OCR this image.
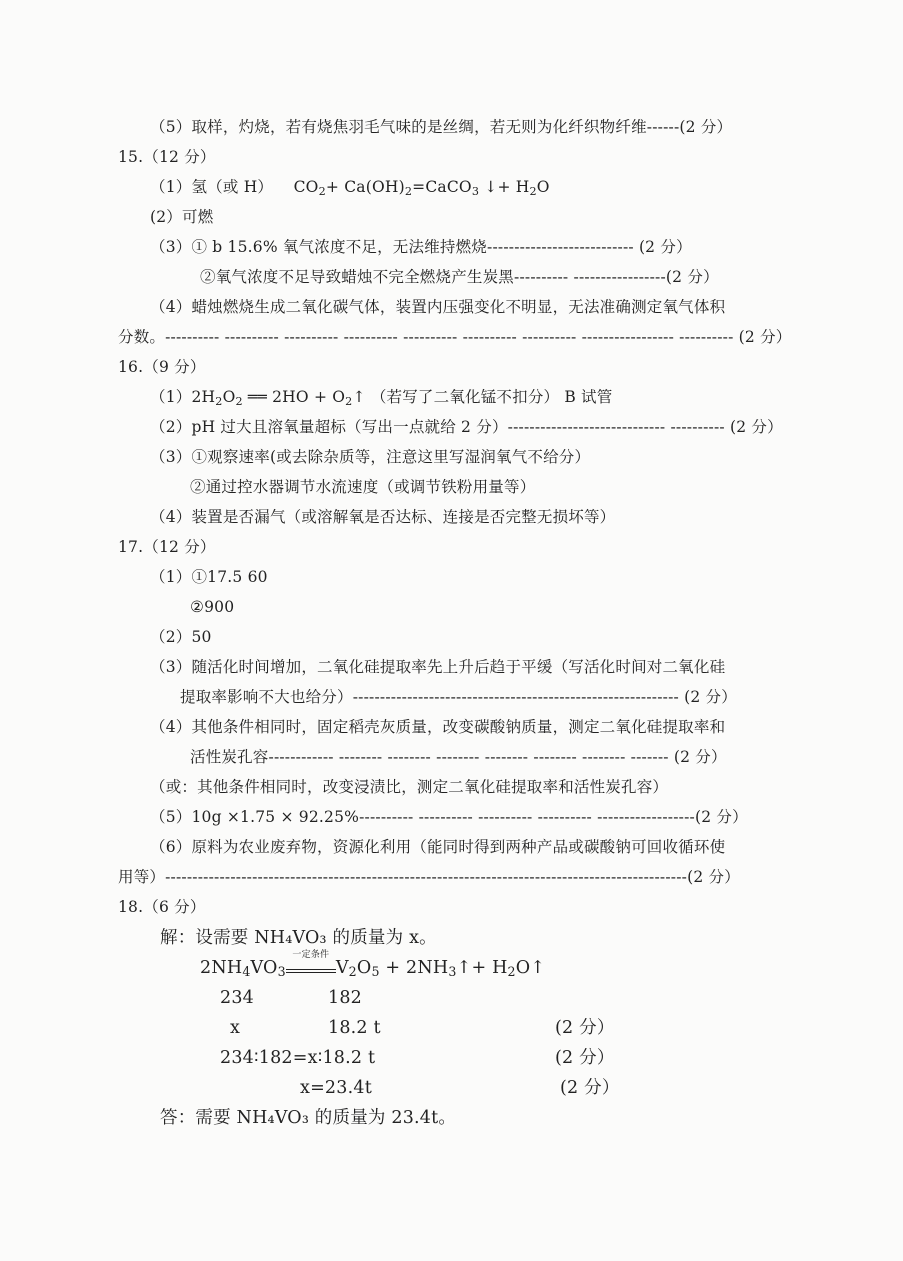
（5）取样，灼烧，若有烧焦羽毛气味的是丝绸，若无则为化纤织物纤维------(2 分）
15.（12 分）
（1）氢（或 H） $CO_2+$ $Ca(OH)_2=CaCO_3$ ↓+ $H_2O$
(2）可燃
（3）① b 15.6% 氧气浓度不足，无法维持燃烧--------------------------- (2 分）
②氧气浓度不足导致蜡烛不完全燃烧产生炭黑---------- -----------------(2 分）
（4）蜡烛燃烧生成二氧化碳气体，装置内压强变化不明显，无法准确测定氧气体积
分数。---------- ---------- ---------- ---------- ---------- ---------- ---------- ----------------- ---------- (2 分）
16.（9 分）
$(1)2H_2O_2$ ══ $2HO + O_2↑$ （若写了二氧化锰不扣分） B 试管
（2）pH 过大且溶氧量超标（写出一点就给 2 分）----------------------------- ---------- (2 分）
（3）①观察速率(或去除杂质等，注意这里写湿润氧气不给分）
②通过控水器调节水流速度（或调节铁粉用量等）
（4）装置是否漏气（或溶解氧是否达标、连接是否完整无损坏等）
17.（12 分）
（1）①17.5 60
②900
（2）50
（3）随活化时间增加，二氧化硅提取率先上升后趋于平缓（写活化时间对二氧化硅
提取率影响不大也给分）------------------------------------------------------------ (2 分）
（4）其他条件相同时，固定稻壳灰质量，改变碳酸钠质量，测定二氧化硅提取率和
活性炭孔容------------ -------- -------- -------- -------- -------- -------- ------- (2 分）
（或：其他条件相同时，改变浸渍比，测定二氧化硅提取率和活性炭孔容）
（5）10g ×1.75 × 92.25%---------- ---------- ---------- ---------- ------------------(2 分）
（6）原料为农业废弃物，资源化利用（能同时得到两种产品或碳酸钠可回收循环使
用等）------------------------------------------------------------------------------------------------(2 分）
18.（6 分）
解：设需要 NH₄VO₃ 的质量为 x。
$2NH_4VO_3$
一定条件
$V_2O_5$ + $2NH_3↑+$ $H_2O↑$
234	182
x	18.2 t	(2 分）
234∶182=x∶18.2 t	(2 分）
x=23.4t	(2 分）
答：需要 NH₄VO₃ 的质量为 23.4t。
